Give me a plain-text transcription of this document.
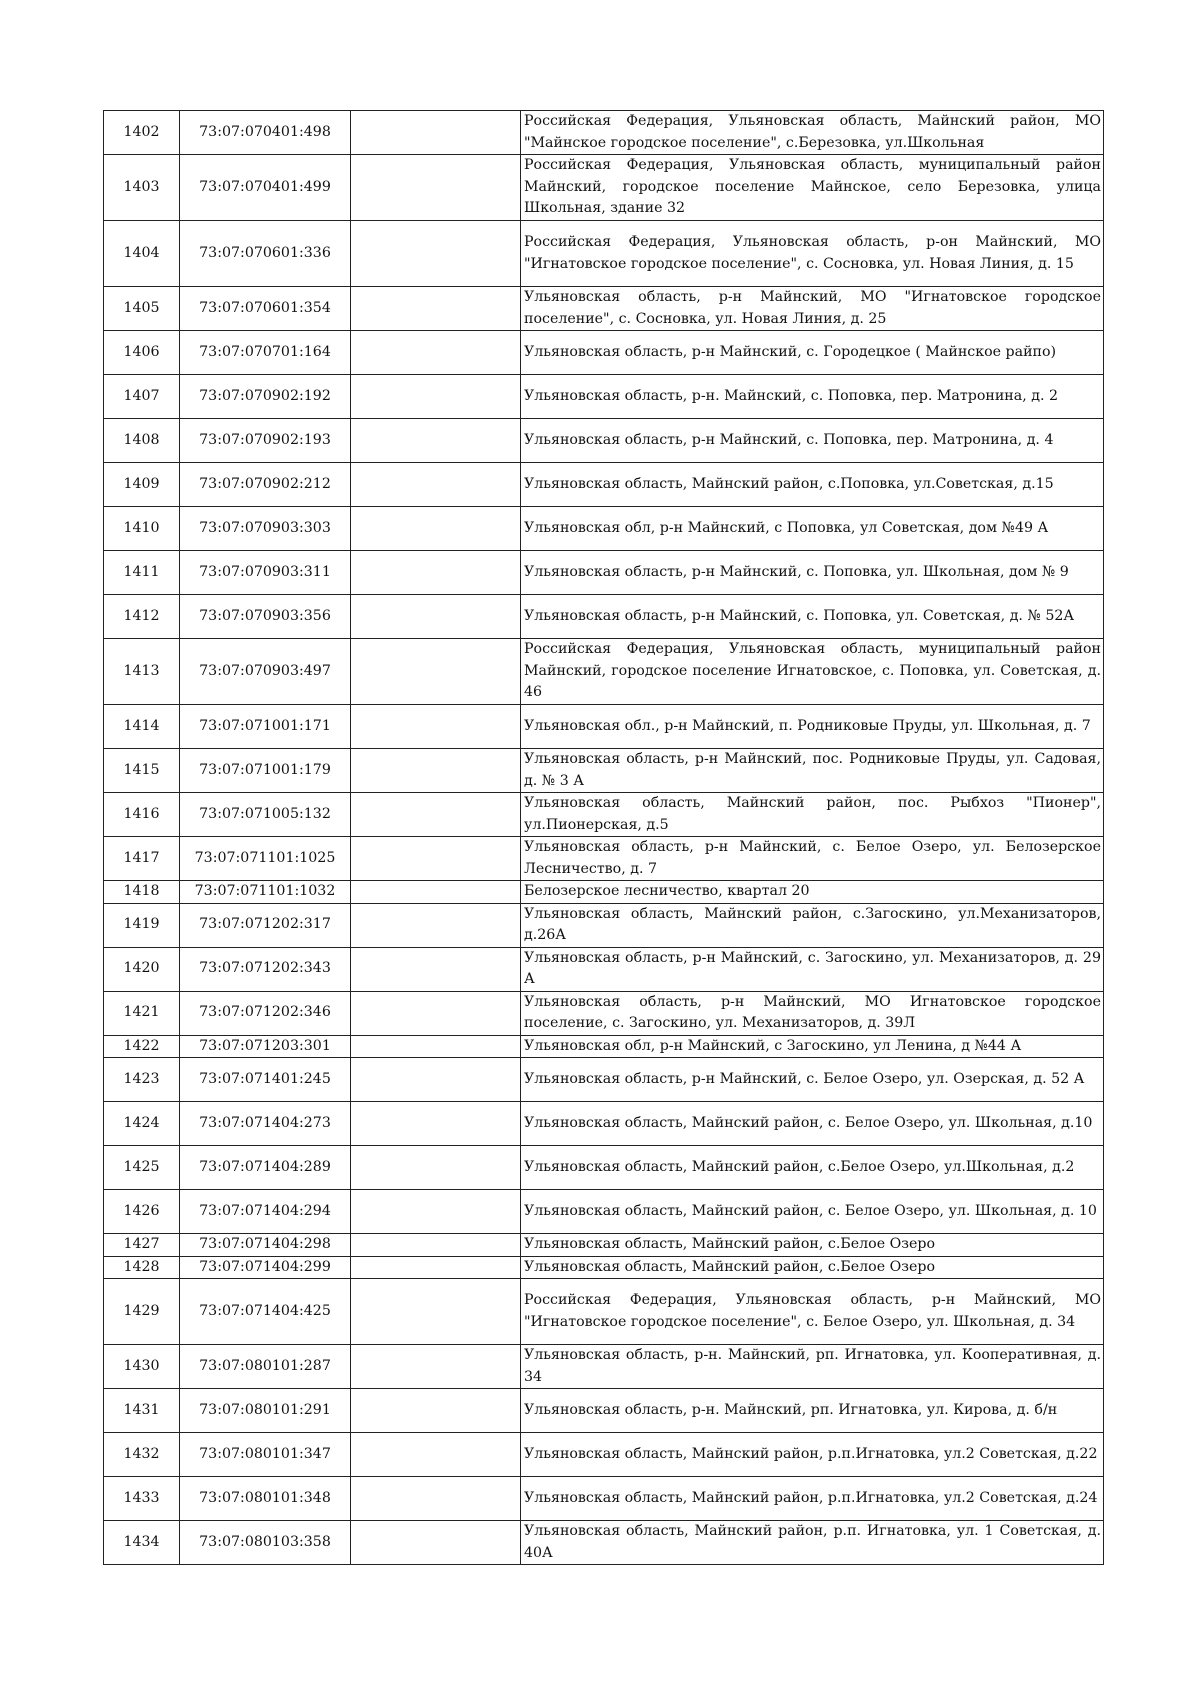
1402	73:07:070401:498		Российская Федерация, Ульяновская область, Майнский район, МО "Майнское городское поселение", с.Березовка, ул.Школьная
1403	73:07:070401:499		Российская Федерация, Ульяновская область, муниципальный район Майнский, городское поселение Майнское, село Березовка, улица Школьная, здание 32
1404	73:07:070601:336		Российская Федерация, Ульяновская область, р-он Майнский, МО "Игнатовское городское поселение", с. Сосновка, ул. Новая Линия, д. 15
1405	73:07:070601:354		Ульяновская область, р-н Майнский, МО "Игнатовское городское поселение", с. Сосновка, ул. Новая Линия, д. 25
1406	73:07:070701:164		Ульяновская область, р-н Майнский, с. Городецкое ( Майнское райпо)
1407	73:07:070902:192		Ульяновская область, р-н. Майнский, с. Поповка, пер. Матронина, д. 2
1408	73:07:070902:193		Ульяновская область, р-н Майнский, с. Поповка, пер. Матронина, д. 4
1409	73:07:070902:212		Ульяновская область, Майнский район, с.Поповка, ул.Советская, д.15
1410	73:07:070903:303		Ульяновская обл, р-н Майнский, с Поповка, ул Советская, дом №49 А
1411	73:07:070903:311		Ульяновская область, р-н Майнский, с. Поповка, ул. Школьная, дом № 9
1412	73:07:070903:356		Ульяновская область, р-н Майнский, с. Поповка, ул. Советская, д. № 52А
1413	73:07:070903:497		Российская Федерация, Ульяновская область, муниципальный район Майнский, городское поселение Игнатовское, с. Поповка, ул. Советская, д. 46
1414	73:07:071001:171		Ульяновская обл., р-н Майнский, п. Родниковые Пруды, ул. Школьная, д. 7
1415	73:07:071001:179		Ульяновская область, р-н Майнский, пос. Родниковые Пруды, ул. Садовая, д. № 3 А
1416	73:07:071005:132		Ульяновская область, Майнский район, пос. Рыбхоз "Пионер", ул.Пионерская, д.5
1417	73:07:071101:1025		Ульяновская область, р-н Майнский, с. Белое Озеро, ул. Белозерское Лесничество, д. 7
1418	73:07:071101:1032		Белозерское лесничество, квартал 20
1419	73:07:071202:317		Ульяновская область, Майнский район, с.Загоскино, ул.Механизаторов, д.26А
1420	73:07:071202:343		Ульяновская область, р-н Майнский, с. Загоскино, ул. Механизаторов, д. 29 А
1421	73:07:071202:346		Ульяновская область, р-н Майнский, МО Игнатовское городское поселение, с. Загоскино, ул. Механизаторов, д. 39Л
1422	73:07:071203:301		Ульяновская обл, р-н Майнский, с Загоскино, ул Ленина, д №44 А
1423	73:07:071401:245		Ульяновская область, р-н Майнский, с. Белое Озеро, ул. Озерская, д. 52 А
1424	73:07:071404:273		Ульяновская область, Майнский район, с. Белое Озеро, ул. Школьная, д.10
1425	73:07:071404:289		Ульяновская область, Майнский район, с.Белое Озеро, ул.Школьная, д.2
1426	73:07:071404:294		Ульяновская область, Майнский район, с. Белое Озеро, ул. Школьная, д. 10
1427	73:07:071404:298		Ульяновская область, Майнский район, с.Белое Озеро
1428	73:07:071404:299		Ульяновская область, Майнский район, с.Белое Озеро
1429	73:07:071404:425		Российская Федерация, Ульяновская область, р-н Майнский, МО "Игнатовское городское поселение", с. Белое Озеро, ул. Школьная, д. 34
1430	73:07:080101:287		Ульяновская область, р-н. Майнский, рп. Игнатовка, ул. Кооперативная, д. 34
1431	73:07:080101:291		Ульяновская область, р-н. Майнский, рп. Игнатовка, ул. Кирова, д. б/н
1432	73:07:080101:347		Ульяновская область, Майнский район, р.п.Игнатовка, ул.2 Советская, д.22
1433	73:07:080101:348		Ульяновская область, Майнский район, р.п.Игнатовка, ул.2 Советская, д.24
1434	73:07:080103:358		Ульяновская область, Майнский район, р.п. Игнатовка, ул. 1 Советская, д. 40А
